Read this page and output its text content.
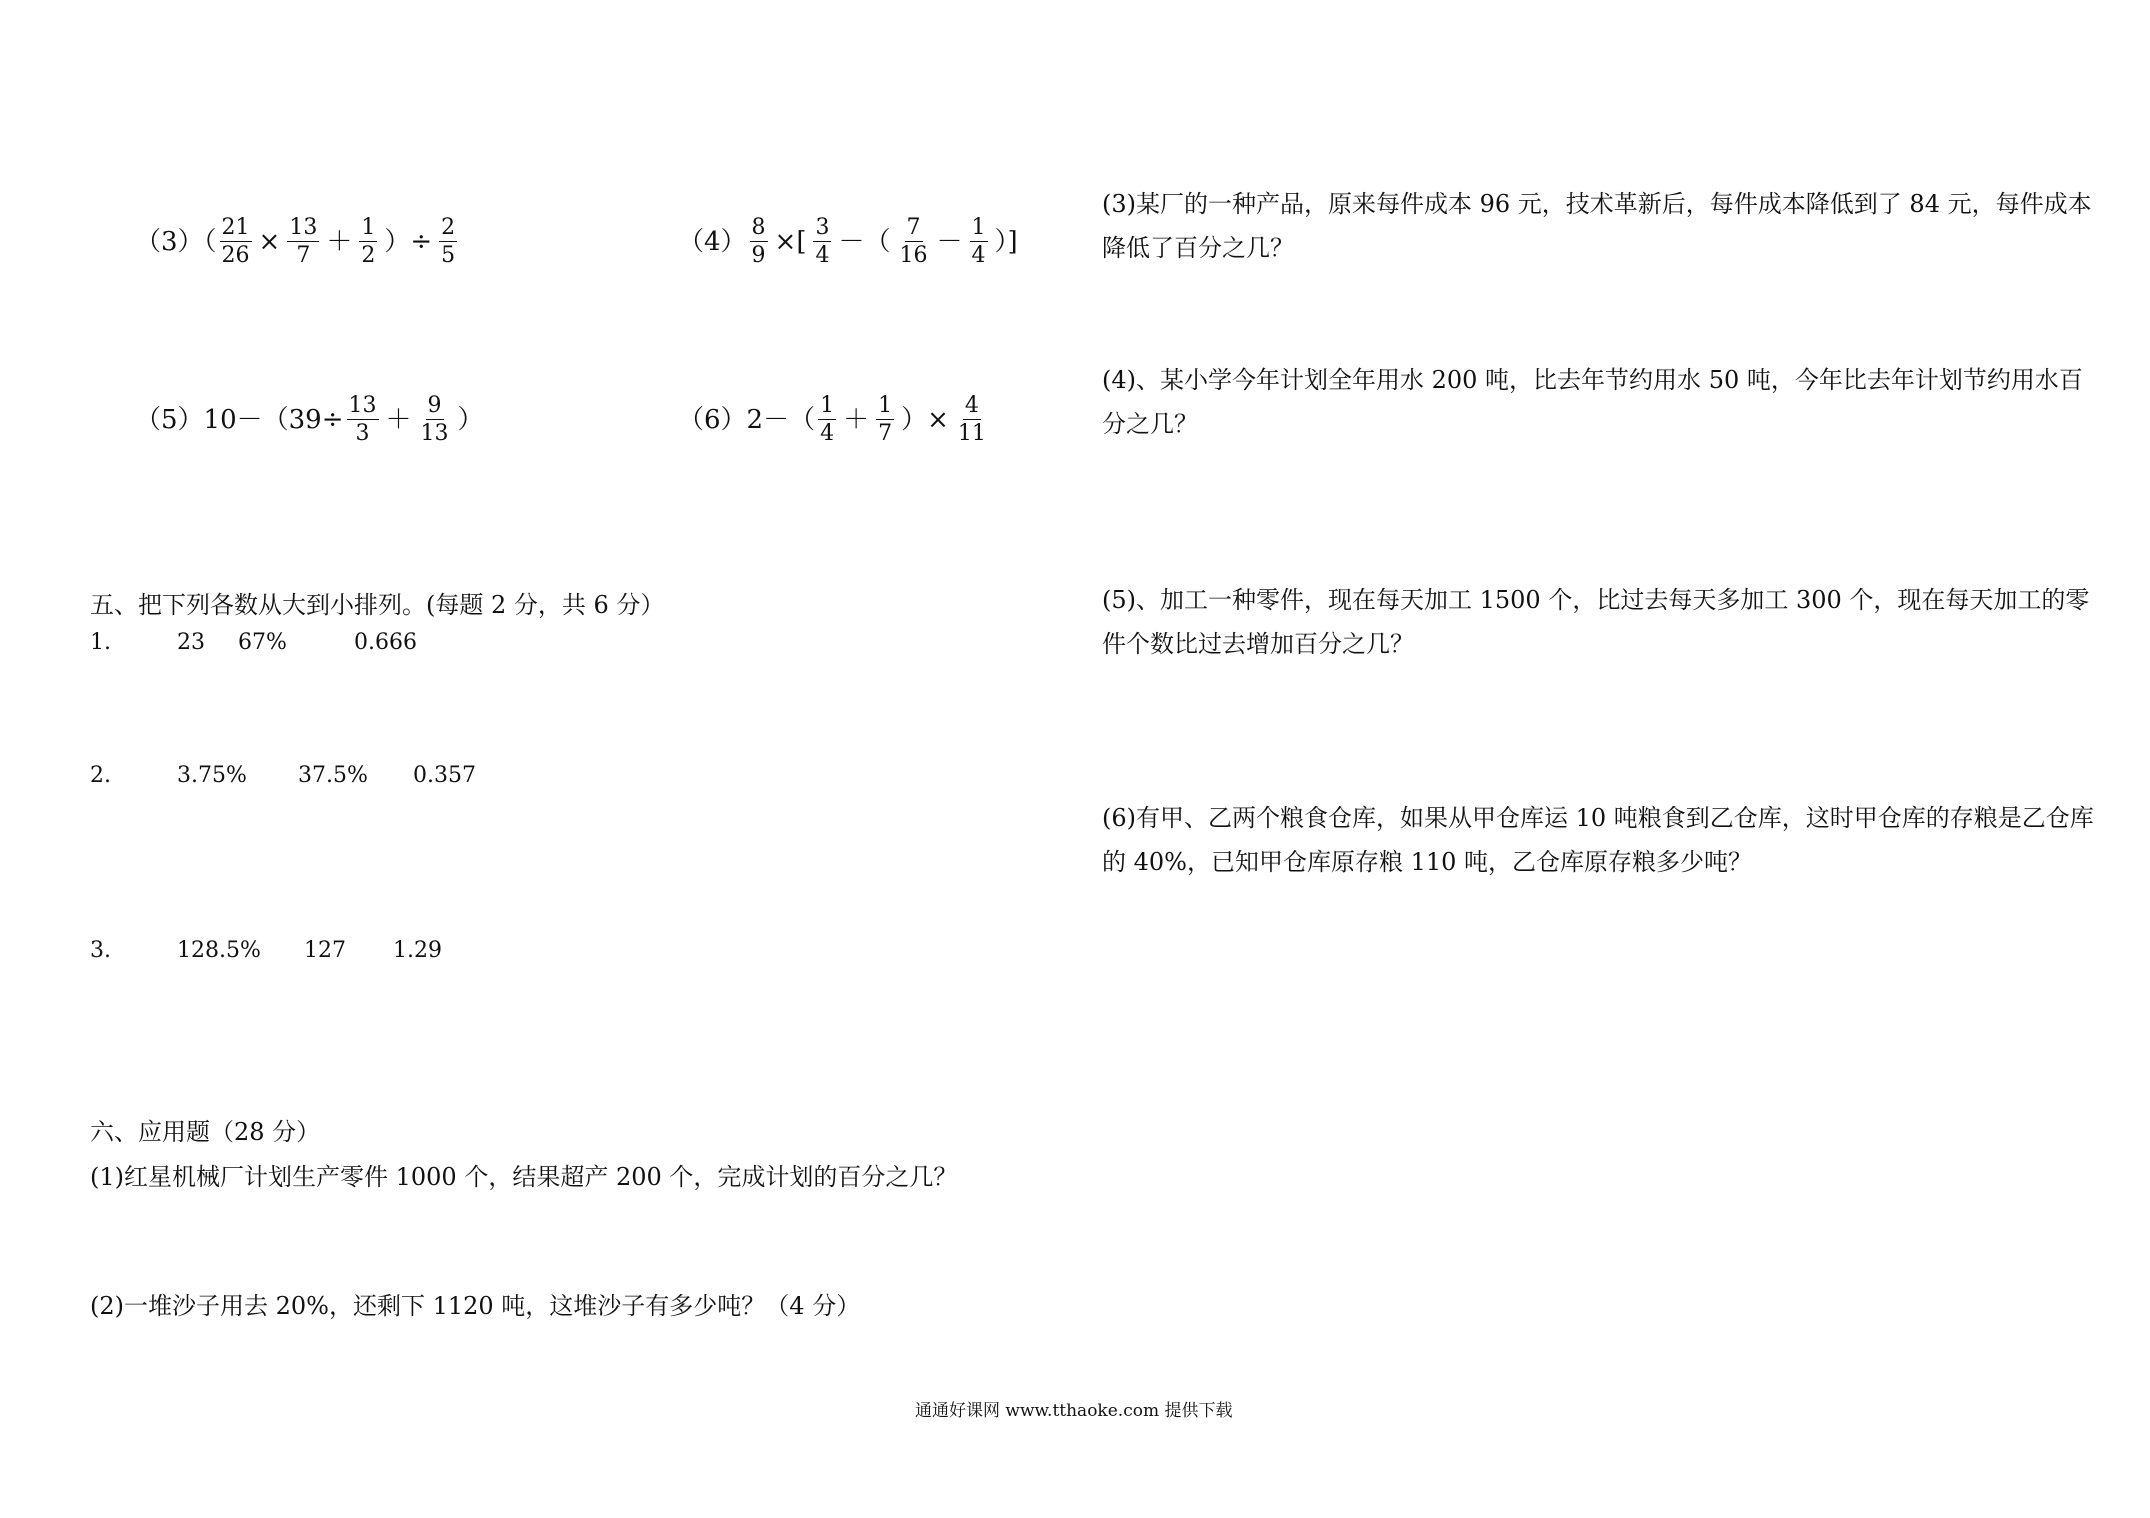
$(3)( \frac{21}{26} \times \frac{13}{7} + \frac{1}{2}$ ）÷ $\frac{2}{5}$	$(4) \frac{8}{9}$ ×[ $\frac{3}{4}$ －（ $\frac{7}{16} - \frac{1}{4}$ ）]
$(5)10-(39\div \frac{13}{3} + \frac{9}{13}$ ）	$(6)2-( \frac{1}{4} + \frac{1}{7}$ ）× $\frac{4}{11}$
五、把下列各数从大到小排列。(每题 2 分，共 6 分）
1.	23 67%	0.666
2.	3.75% 37.5% 0.357
3.	128.5% 127 1.29
六、应用题（28 分）
(1)红星机械厂计划生产零件 1000 个，结果超产 200 个，完成计划的百分之几？
(2)一堆沙子用去 20%，还剩下 1120 吨，这堆沙子有多少吨？（4 分）
(3)某厂的一种产品，原来每件成本 96 元，技术革新后，每件成本降低到了 84 元，每件成本降低了百分之几？
(4)、某小学今年计划全年用水 200 吨，比去年节约用水 50 吨，今年比去年计划节约用水百分之几？
(5)、加工一种零件，现在每天加工 1500 个，比过去每天多加工 300 个，现在每天加工的零件个数比过去增加百分之几？
(6)有甲、乙两个粮食仓库，如果从甲仓库运 10 吨粮食到乙仓库，这时甲仓库的存粮是乙仓库的 40%，已知甲仓库原存粮 110 吨，乙仓库原存粮多少吨？
通通好课网 www.tthaoke.com 提供下载
